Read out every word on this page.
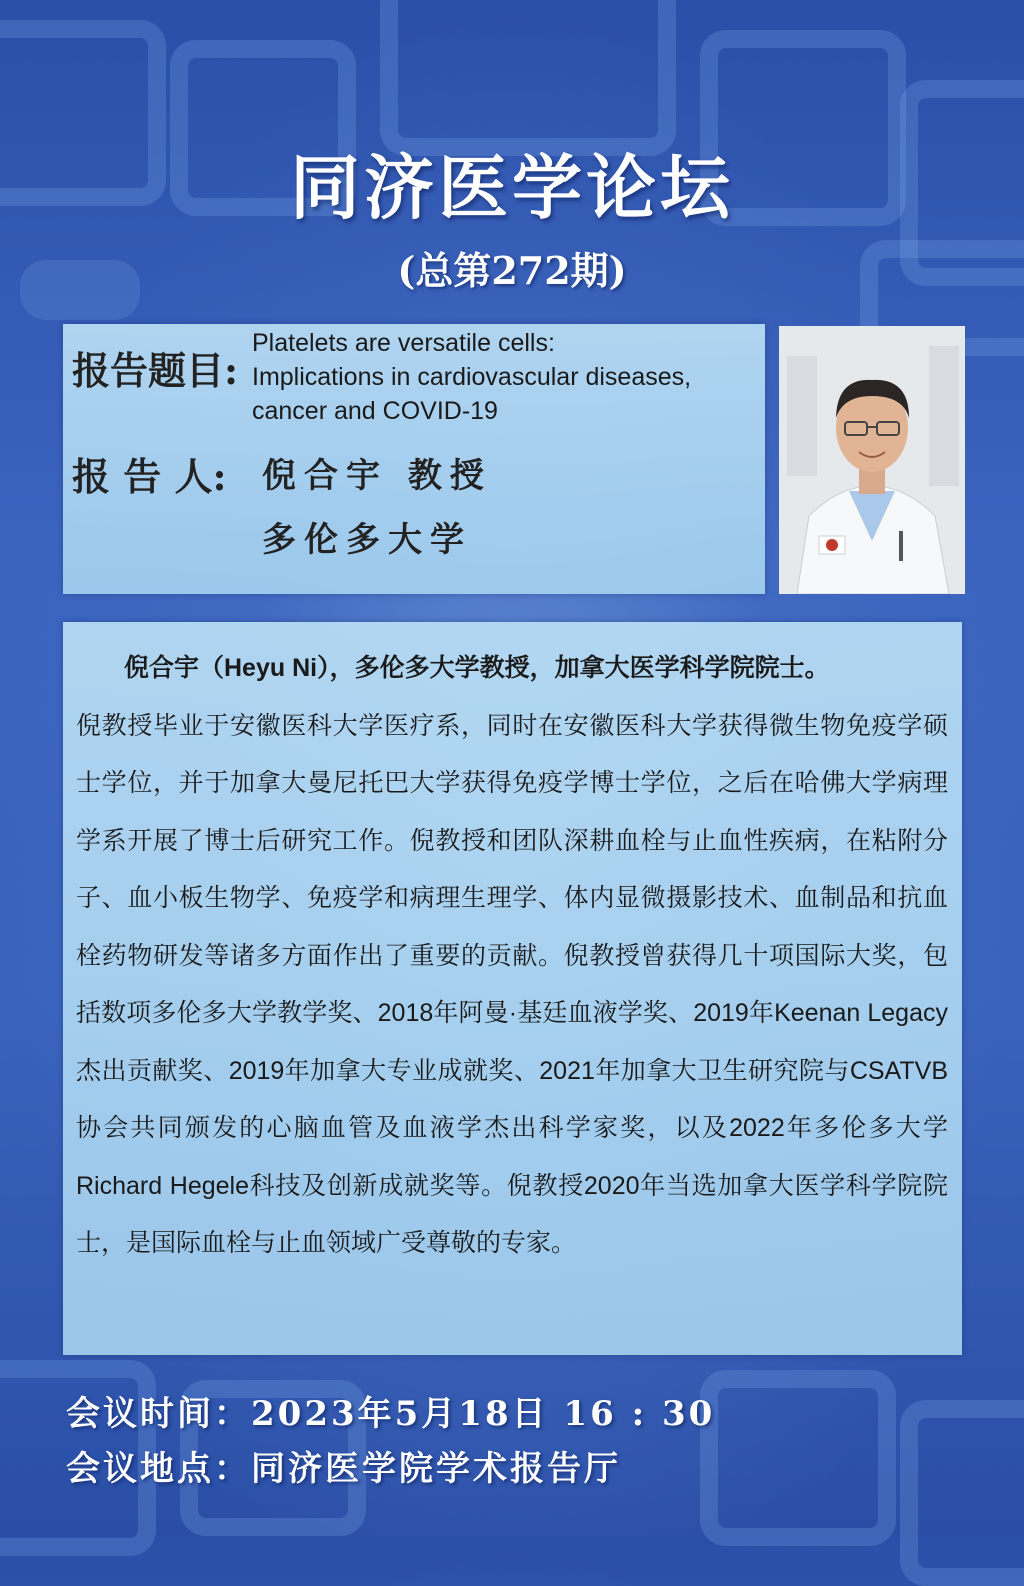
同济医学论坛
(总第272期)
报告题目:
Platelets are versatile cells:
Implications in cardiovascular diseases,
cancer and COVID-19
报 告 人: 倪合宇 教授
多伦多大学
倪合宇（Heyu Ni），多伦多大学教授，加拿大医学科学院院士。
倪教授毕业于安徽医科大学医疗系，同时在安徽医科大学获得微生物免疫学硕士学位，并于加拿大曼尼托巴大学获得免疫学博士学位，之后在哈佛大学病理学系开展了博士后研究工作。倪教授和团队深耕血栓与止血性疾病，在粘附分子、血小板生物学、免疫学和病理生理学、体内显微摄影技术、血制品和抗血栓药物研发等诸多方面作出了重要的贡献。倪教授曾获得几十项国际大奖，包括数项多伦多大学教学奖、2018年阿曼·基廷血液学奖、2019年Keenan Legacy杰出贡献奖、2019年加拿大专业成就奖、2021年加拿大卫生研究院与CSATVB协会共同颁发的心脑血管及血液学杰出科学家奖，以及2022年多伦多大学Richard Hegele科技及创新成就奖等。倪教授2020年当选加拿大医学科学院院士，是国际血栓与止血领域广受尊敬的专家。
会议时间：2023年5月18日 16 : 30
会议地点：同济医学院学术报告厅
